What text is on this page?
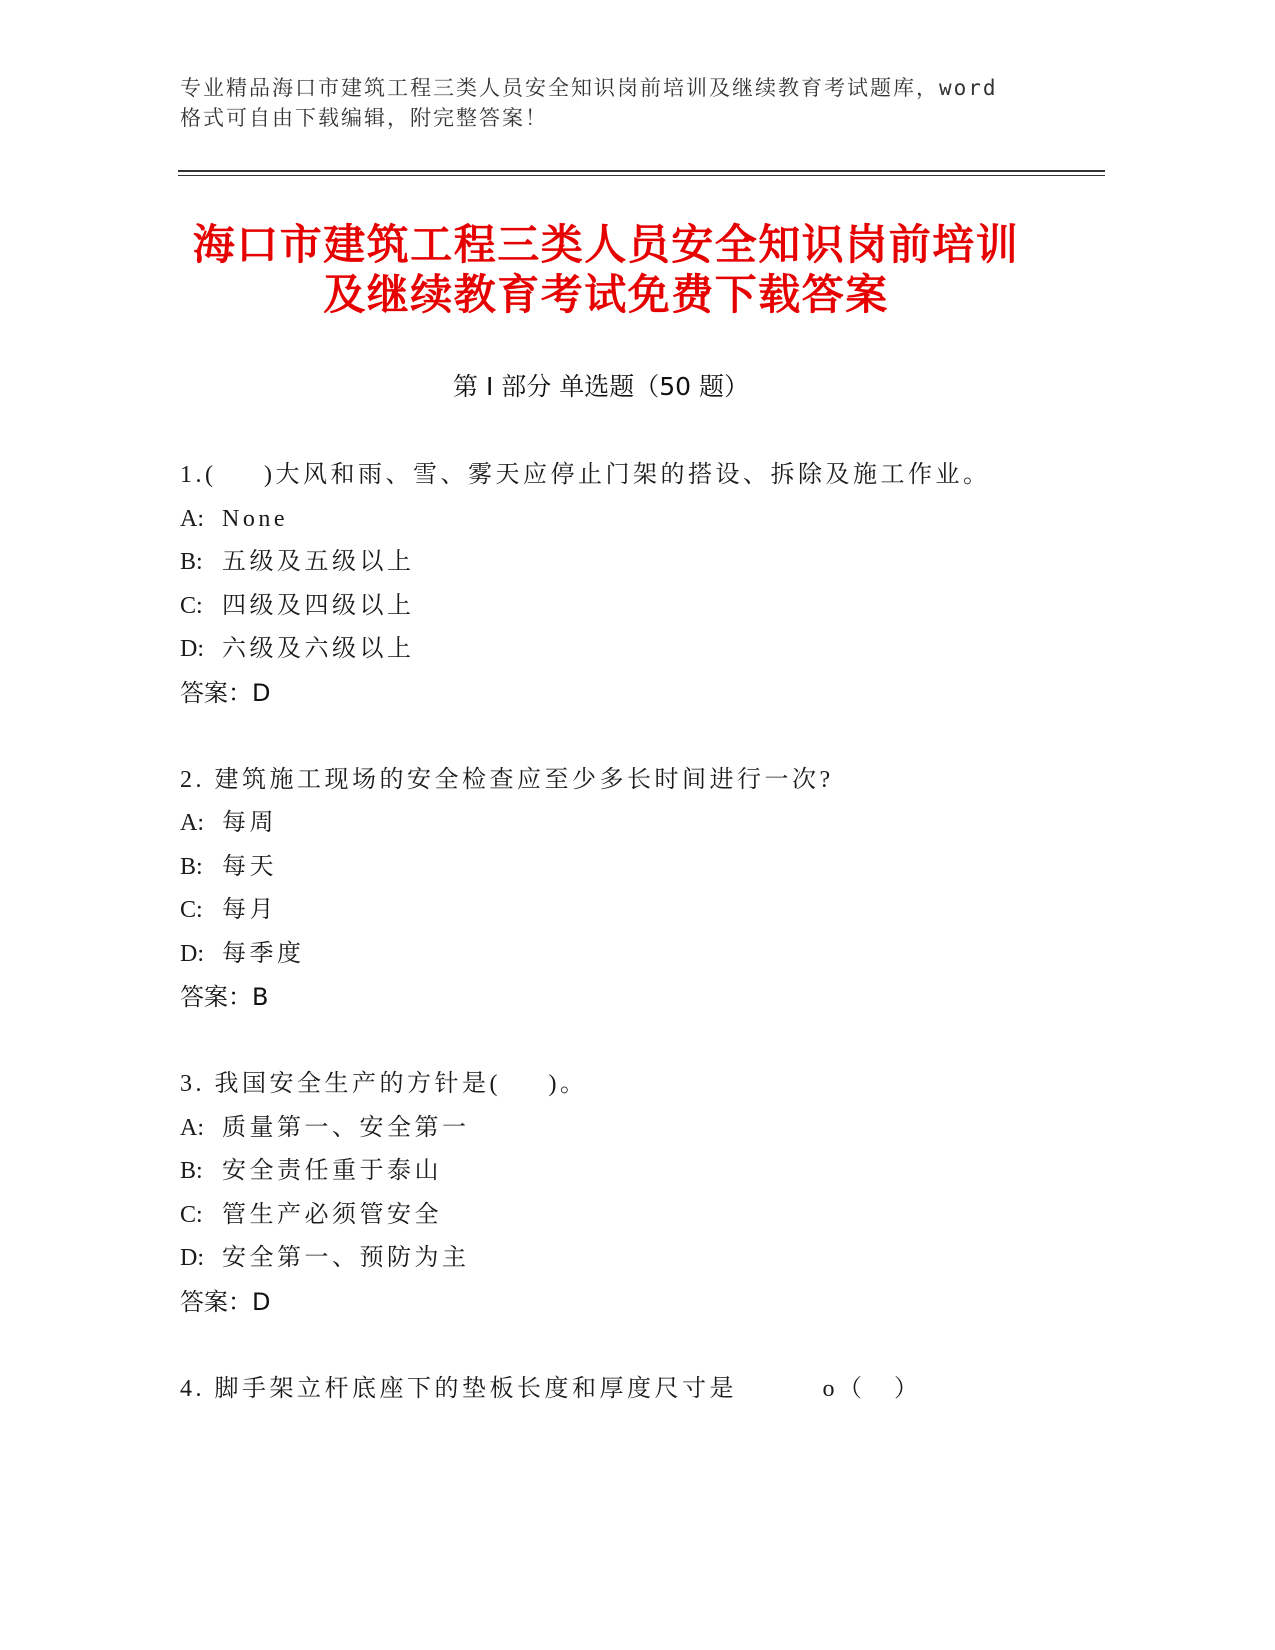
专业精品海口市建筑工程三类人员安全知识岗前培训及继续教育考试题库，word
格式可自由下载编辑，附完整答案！
海口市建筑工程三类人员安全知识岗前培训
及继续教育考试免费下载答案
第 I 部分 单选题（50 题）
1.(     )大风和雨、雪、雾天应停止门架的搭设、拆除及施工作业。
A: None
B: 五级及五级以上
C: 四级及四级以上
D: 六级及六级以上
答案：D
2. 建筑施工现场的安全检查应至少多长时间进行一次?
A: 每周
B: 每天
C: 每月
D: 每季度
答案：B
3. 我国安全生产的方针是(     )。
A: 质量第一、安全第一
B: 安全责任重于泰山
C: 管生产必须管安全
D: 安全第一、预防为主
答案：D
4. 脚手架立杆底座下的垫板长度和厚度尺寸是         o（   ）
